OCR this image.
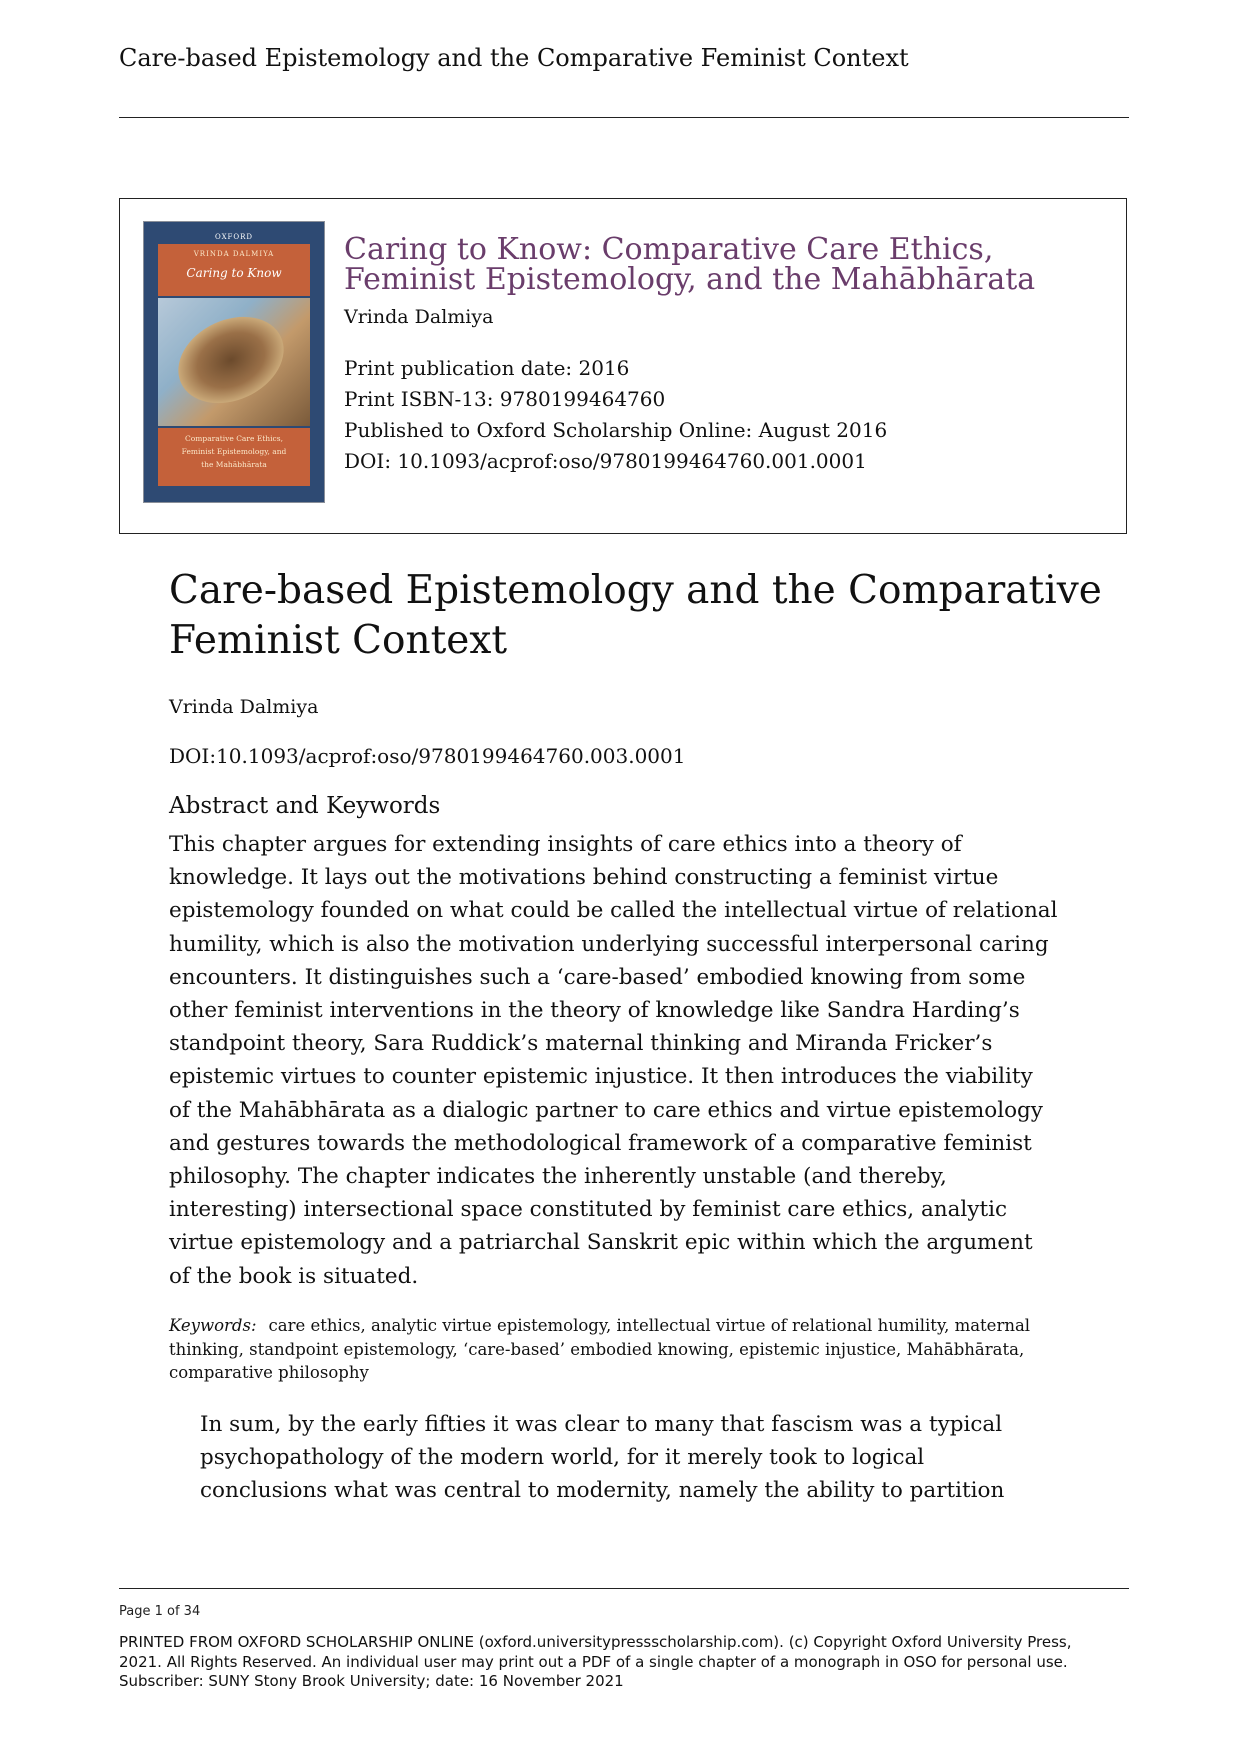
Care-based Epistemology and the Comparative Feminist Context
OXFORD
VRINDA DALMIYA
Caring to Know
Comparative Care Ethics,
Feminist Epistemology, and
the Mahābhārata
Caring to Know: Comparative Care Ethics,
Feminist Epistemology, and the Mahābhārata
Vrinda Dalmiya
Print publication date: 2016
Print ISBN-13: 9780199464760
Published to Oxford Scholarship Online: August 2016
DOI: 10.1093/acprof:oso/9780199464760.001.0001
Care-based Epistemology and the Comparative
Feminist Context
Vrinda Dalmiya
DOI:10.1093/acprof:oso/9780199464760.003.0001
Abstract and Keywords
This chapter argues for extending insights of care ethics into a theory of
knowledge. It lays out the motivations behind constructing a feminist virtue
epistemology founded on what could be called the intellectual virtue of relational
humility, which is also the motivation underlying successful interpersonal caring
encounters. It distinguishes such a ‘care-based’ embodied knowing from some
other feminist interventions in the theory of knowledge like Sandra Harding’s
standpoint theory, Sara Ruddick’s maternal thinking and Miranda Fricker’s
epistemic virtues to counter epistemic injustice. It then introduces the viability
of the Mahābhārata as a dialogic partner to care ethics and virtue epistemology
and gestures towards the methodological framework of a comparative feminist
philosophy. The chapter indicates the inherently unstable (and thereby,
interesting) intersectional space constituted by feminist care ethics, analytic
virtue epistemology and a patriarchal Sanskrit epic within which the argument
of the book is situated.
Keywords: care ethics, analytic virtue epistemology, intellectual virtue of relational humility, maternal
thinking, standpoint epistemology, ‘care-based’ embodied knowing, epistemic injustice, Mahābhārata,
comparative philosophy
In sum, by the early fifties it was clear to many that fascism was a typical
psychopathology of the modern world, for it merely took to logical
conclusions what was central to modernity, namely the ability to partition
Page 1 of 34
PRINTED FROM OXFORD SCHOLARSHIP ONLINE (oxford.universitypressscholarship.com). (c) Copyright Oxford University Press,
2021. All Rights Reserved. An individual user may print out a PDF of a single chapter of a monograph in OSO for personal use.
Subscriber: SUNY Stony Brook University; date: 16 November 2021
